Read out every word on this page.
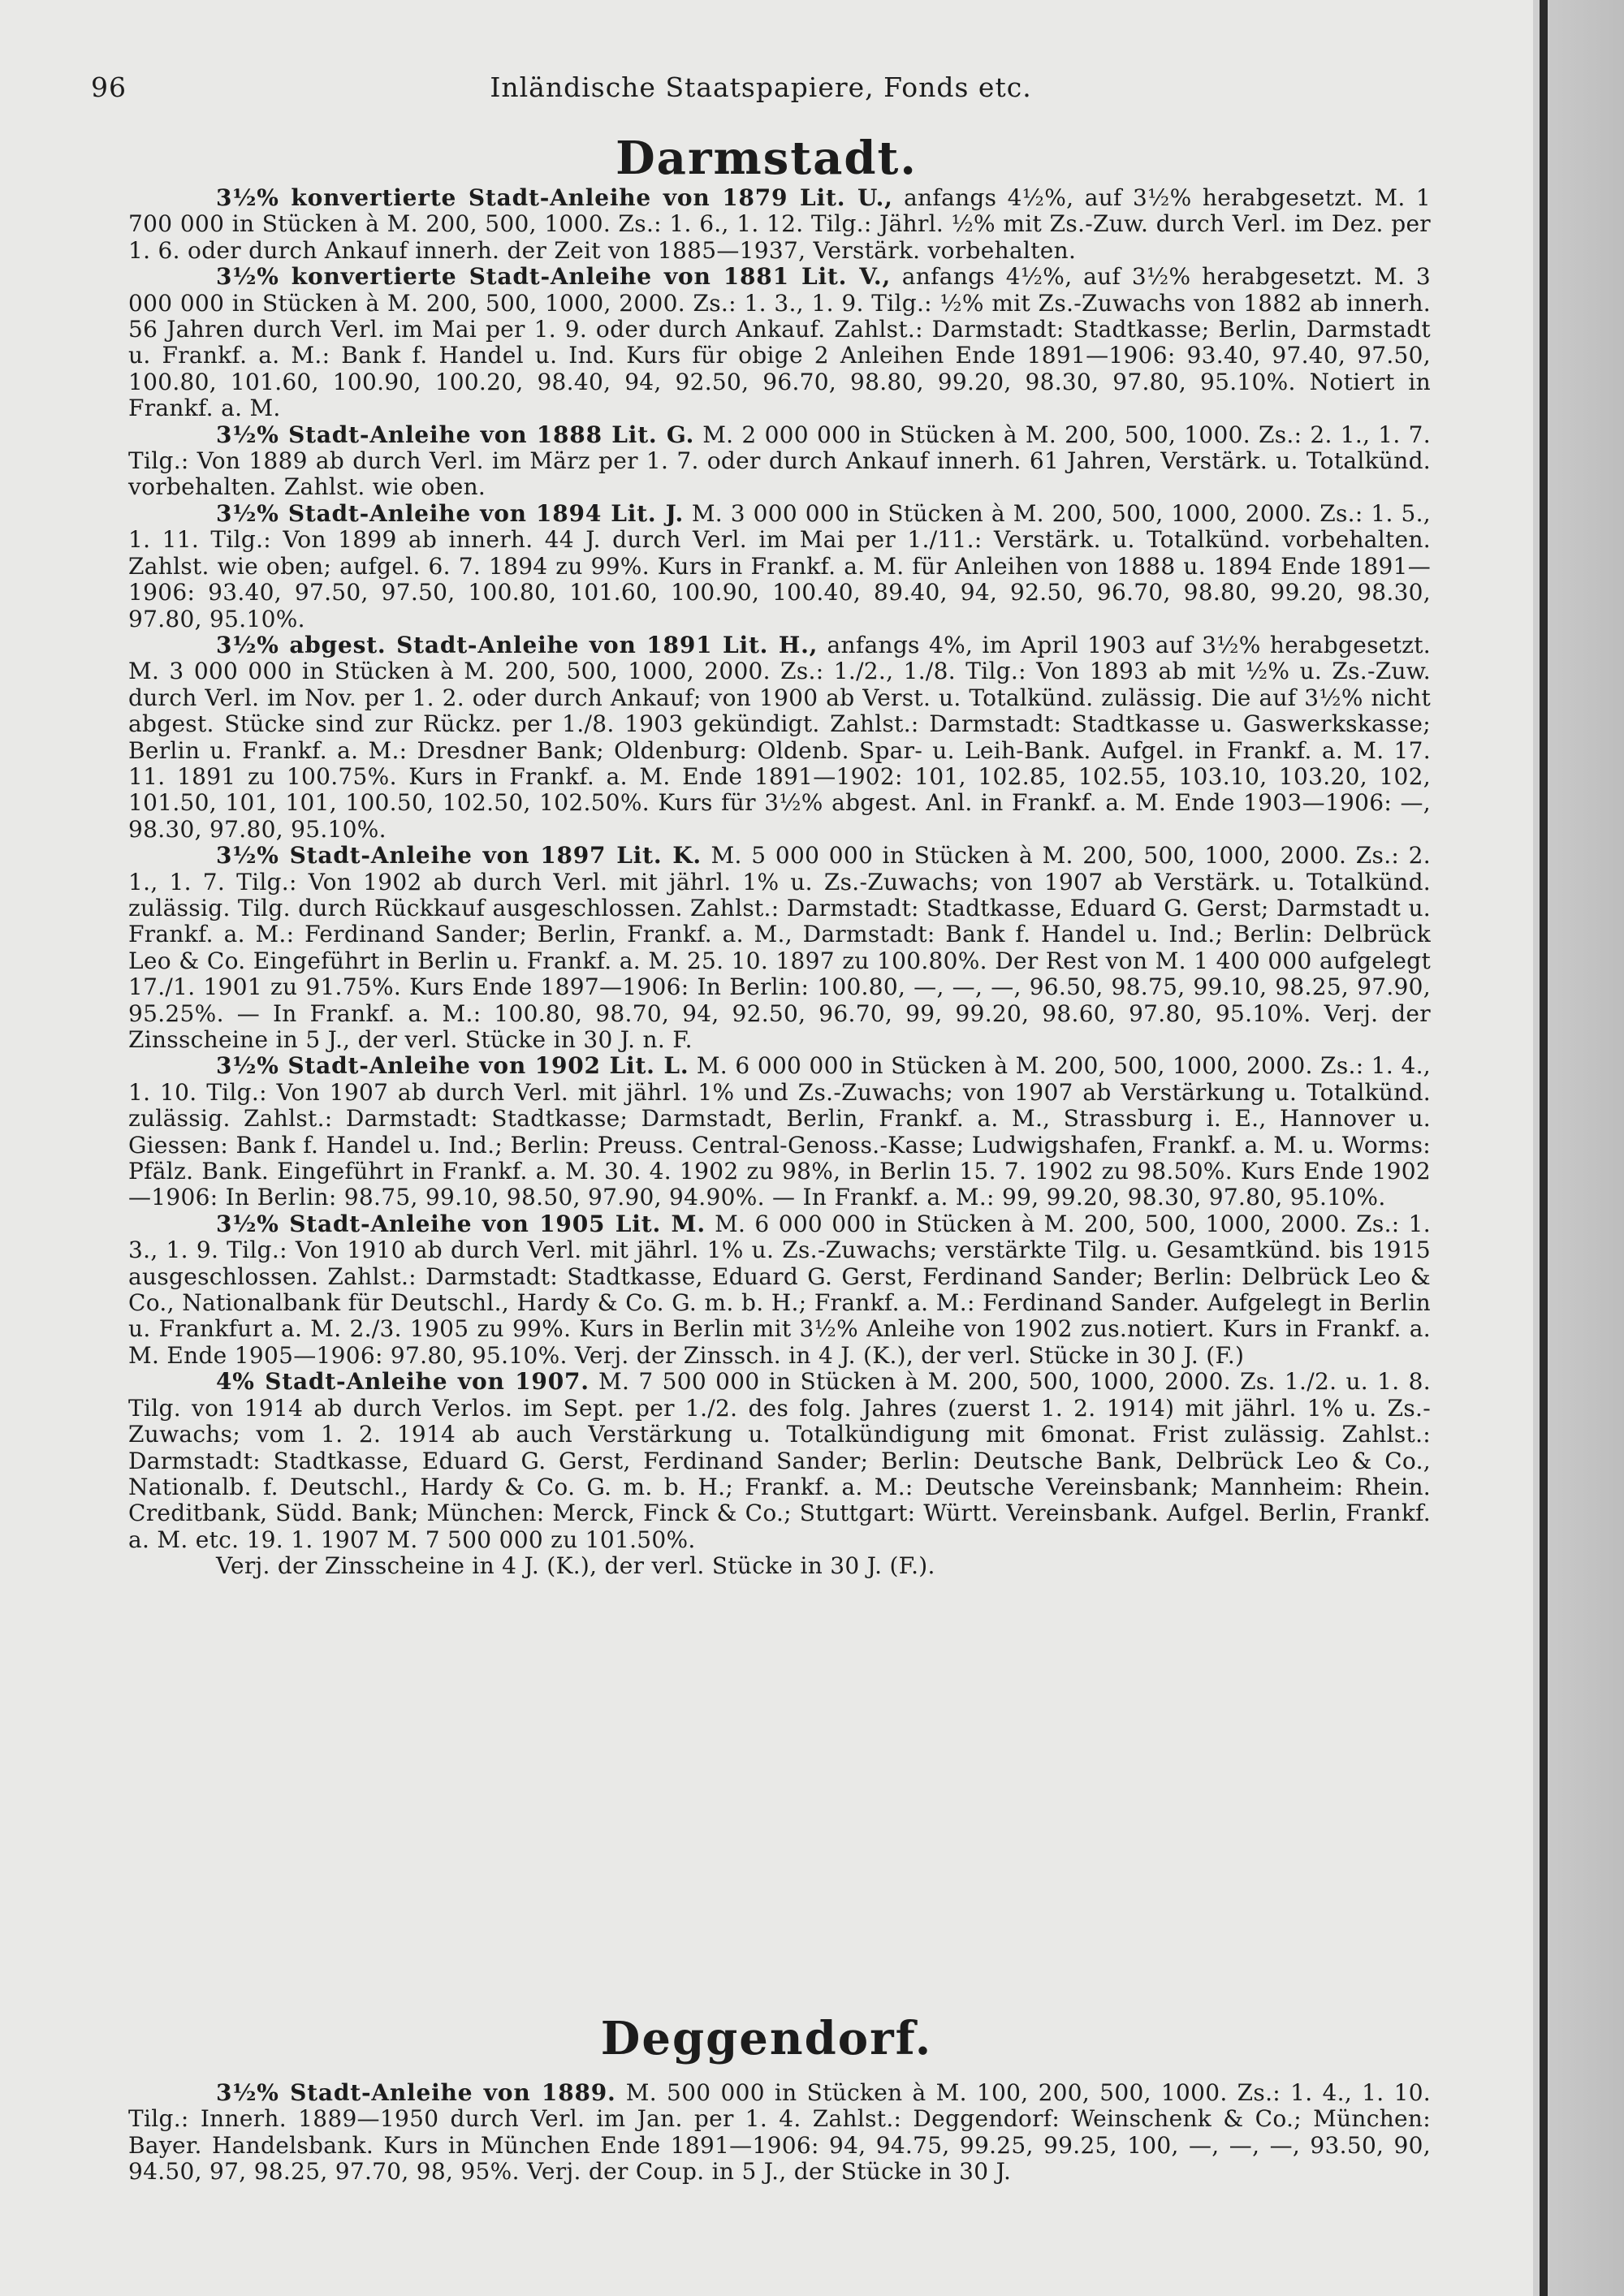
96	Inländische Staatspapiere, Fonds etc.
Darmstadt.

3½% konvertierte Stadt-Anleihe von 1879 Lit. U., anfangs 4½%, auf 3½% herabgesetzt. M. 1 700 000 in Stücken à M. 200, 500, 1000. Zs.: 1. 6., 1. 12. Tilg.: Jährl. ½% mit Zs.-Zuw. durch Verl. im Dez. per 1. 6. oder durch Ankauf innerh. der Zeit von 1885—1937, Verstärk. vorbehalten.

3½% konvertierte Stadt-Anleihe von 1881 Lit. V., anfangs 4½%, auf 3½% herabgesetzt. M. 3 000 000 in Stücken à M. 200, 500, 1000, 2000. Zs.: 1. 3., 1. 9. Tilg.: ½% mit Zs.-Zuwachs von 1882 ab innerh. 56 Jahren durch Verl. im Mai per 1. 9. oder durch Ankauf. Zahlst.: Darmstadt: Stadtkasse; Berlin, Darmstadt u. Frankf. a. M.: Bank f. Handel u. Ind. Kurs für obige 2 Anleihen Ende 1891—1906: 93.40, 97.40, 97.50, 100.80, 101.60, 100.90, 100.20, 98.40, 94, 92.50, 96.70, 98.80, 99.20, 98.30, 97.80, 95.10%. Notiert in Frankf. a. M.

3½% Stadt-Anleihe von 1888 Lit. G. M. 2 000 000 in Stücken à M. 200, 500, 1000. Zs.: 2. 1., 1. 7. Tilg.: Von 1889 ab durch Verl. im März per 1. 7. oder durch Ankauf innerh. 61 Jahren, Verstärk. u. Totalkünd. vorbehalten. Zahlst. wie oben.

3½% Stadt-Anleihe von 1894 Lit. J. M. 3 000 000 in Stücken à M. 200, 500, 1000, 2000. Zs.: 1. 5., 1. 11. Tilg.: Von 1899 ab innerh. 44 J. durch Verl. im Mai per 1./11.: Verstärk. u. Totalkünd. vorbehalten. Zahlst. wie oben; aufgel. 6. 7. 1894 zu 99%. Kurs in Frankf. a. M. für Anleihen von 1888 u. 1894 Ende 1891—1906: 93.40, 97.50, 97.50, 100.80, 101.60, 100.90, 100.40, 89.40, 94, 92.50, 96.70, 98.80, 99.20, 98.30, 97.80, 95.10%.

3½% abgest. Stadt-Anleihe von 1891 Lit. H., anfangs 4%, im April 1903 auf 3½% herabgesetzt. M. 3 000 000 in Stücken à M. 200, 500, 1000, 2000. Zs.: 1./2., 1./8. Tilg.: Von 1893 ab mit ½% u. Zs.-Zuw. durch Verl. im Nov. per 1. 2. oder durch Ankauf; von 1900 ab Verst. u. Totalkünd. zulässig. Die auf 3½% nicht abgest. Stücke sind zur Rückz. per 1./8. 1903 gekündigt. Zahlst.: Darmstadt: Stadtkasse u. Gaswerkskasse; Berlin u. Frankf. a. M.: Dresdner Bank; Oldenburg: Oldenb. Spar- u. Leih-Bank. Aufgel. in Frankf. a. M. 17. 11. 1891 zu 100.75%. Kurs in Frankf. a. M. Ende 1891—1902: 101, 102.85, 102.55, 103.10, 103.20, 102, 101.50, 101, 101, 100.50, 102.50, 102.50%. Kurs für 3½% abgest. Anl. in Frankf. a. M. Ende 1903—1906: —, 98.30, 97.80, 95.10%.

3½% Stadt-Anleihe von 1897 Lit. K. M. 5 000 000 in Stücken à M. 200, 500, 1000, 2000. Zs.: 2. 1., 1. 7. Tilg.: Von 1902 ab durch Verl. mit jährl. 1% u. Zs.-Zuwachs; von 1907 ab Verstärk. u. Totalkünd. zulässig. Tilg. durch Rückkauf ausgeschlossen. Zahlst.: Darmstadt: Stadtkasse, Eduard G. Gerst; Darmstadt u. Frankf. a. M.: Ferdinand Sander; Berlin, Frankf. a. M., Darmstadt: Bank f. Handel u. Ind.; Berlin: Delbrück Leo & Co. Eingeführt in Berlin u. Frankf. a. M. 25. 10. 1897 zu 100.80%. Der Rest von M. 1 400 000 aufgelegt 17./1. 1901 zu 91.75%. Kurs Ende 1897—1906: In Berlin: 100.80, —, —, —, 96.50, 98.75, 99.10, 98.25, 97.90, 95.25%. — In Frankf. a. M.: 100.80, 98.70, 94, 92.50, 96.70, 99, 99.20, 98.60, 97.80, 95.10%. Verj. der Zinsscheine in 5 J., der verl. Stücke in 30 J. n. F.

3½% Stadt-Anleihe von 1902 Lit. L. M. 6 000 000 in Stücken à M. 200, 500, 1000, 2000. Zs.: 1. 4., 1. 10. Tilg.: Von 1907 ab durch Verl. mit jährl. 1% und Zs.-Zuwachs; von 1907 ab Verstärkung u. Totalkünd. zulässig. Zahlst.: Darmstadt: Stadtkasse; Darmstadt, Berlin, Frankf. a. M., Strassburg i. E., Hannover u. Giessen: Bank f. Handel u. Ind.; Berlin: Preuss. Central-Genoss.-Kasse; Ludwigshafen, Frankf. a. M. u. Worms: Pfälz. Bank. Eingeführt in Frankf. a. M. 30. 4. 1902 zu 98%, in Berlin 15. 7. 1902 zu 98.50%. Kurs Ende 1902—1906: In Berlin: 98.75, 99.10, 98.50, 97.90, 94.90%. — In Frankf. a. M.: 99, 99.20, 98.30, 97.80, 95.10%.

3½% Stadt-Anleihe von 1905 Lit. M. M. 6 000 000 in Stücken à M. 200, 500, 1000, 2000. Zs.: 1. 3., 1. 9. Tilg.: Von 1910 ab durch Verl. mit jährl. 1% u. Zs.-Zuwachs; verstärkte Tilg. u. Gesamtkünd. bis 1915 ausgeschlossen. Zahlst.: Darmstadt: Stadtkasse, Eduard G. Gerst, Ferdinand Sander; Berlin: Delbrück Leo & Co., Nationalbank für Deutschl., Hardy & Co. G. m. b. H.; Frankf. a. M.: Ferdinand Sander. Aufgelegt in Berlin u. Frankfurt a. M. 2./3. 1905 zu 99%. Kurs in Berlin mit 3½% Anleihe von 1902 zus.notiert. Kurs in Frankf. a. M. Ende 1905—1906: 97.80, 95.10%. Verj. der Zinssch. in 4 J. (K.), der verl. Stücke in 30 J. (F.)

4% Stadt-Anleihe von 1907. M. 7 500 000 in Stücken à M. 200, 500, 1000, 2000. Zs. 1./2. u. 1. 8. Tilg. von 1914 ab durch Verlos. im Sept. per 1./2. des folg. Jahres (zuerst 1. 2. 1914) mit jährl. 1% u. Zs.-Zuwachs; vom 1. 2. 1914 ab auch Verstärkung u. Totalkündigung mit 6monat. Frist zulässig. Zahlst.: Darmstadt: Stadtkasse, Eduard G. Gerst, Ferdinand Sander; Berlin: Deutsche Bank, Delbrück Leo & Co., Nationalb. f. Deutschl., Hardy & Co. G. m. b. H.; Frankf. a. M.: Deutsche Vereinsbank; Mannheim: Rhein. Creditbank, Südd. Bank; München: Merck, Finck & Co.; Stuttgart: Württ. Vereinsbank. Aufgel. Berlin, Frankf. a. M. etc. 19. 1. 1907 M. 7 500 000 zu 101.50%.

Verj. der Zinsscheine in 4 J. (K.), der verl. Stücke in 30 J. (F.).

Deggendorf.

3½% Stadt-Anleihe von 1889. M. 500 000 in Stücken à M. 100, 200, 500, 1000. Zs.: 1. 4., 1. 10. Tilg.: Innerh. 1889—1950 durch Verl. im Jan. per 1. 4. Zahlst.: Deggendorf: Weinschenk & Co.; München: Bayer. Handelsbank. Kurs in München Ende 1891—1906: 94, 94.75, 99.25, 99.25, 100, —, —, —, 93.50, 90, 94.50, 97, 98.25, 97.70, 98, 95%. Verj. der Coup. in 5 J., der Stücke in 30 J.
